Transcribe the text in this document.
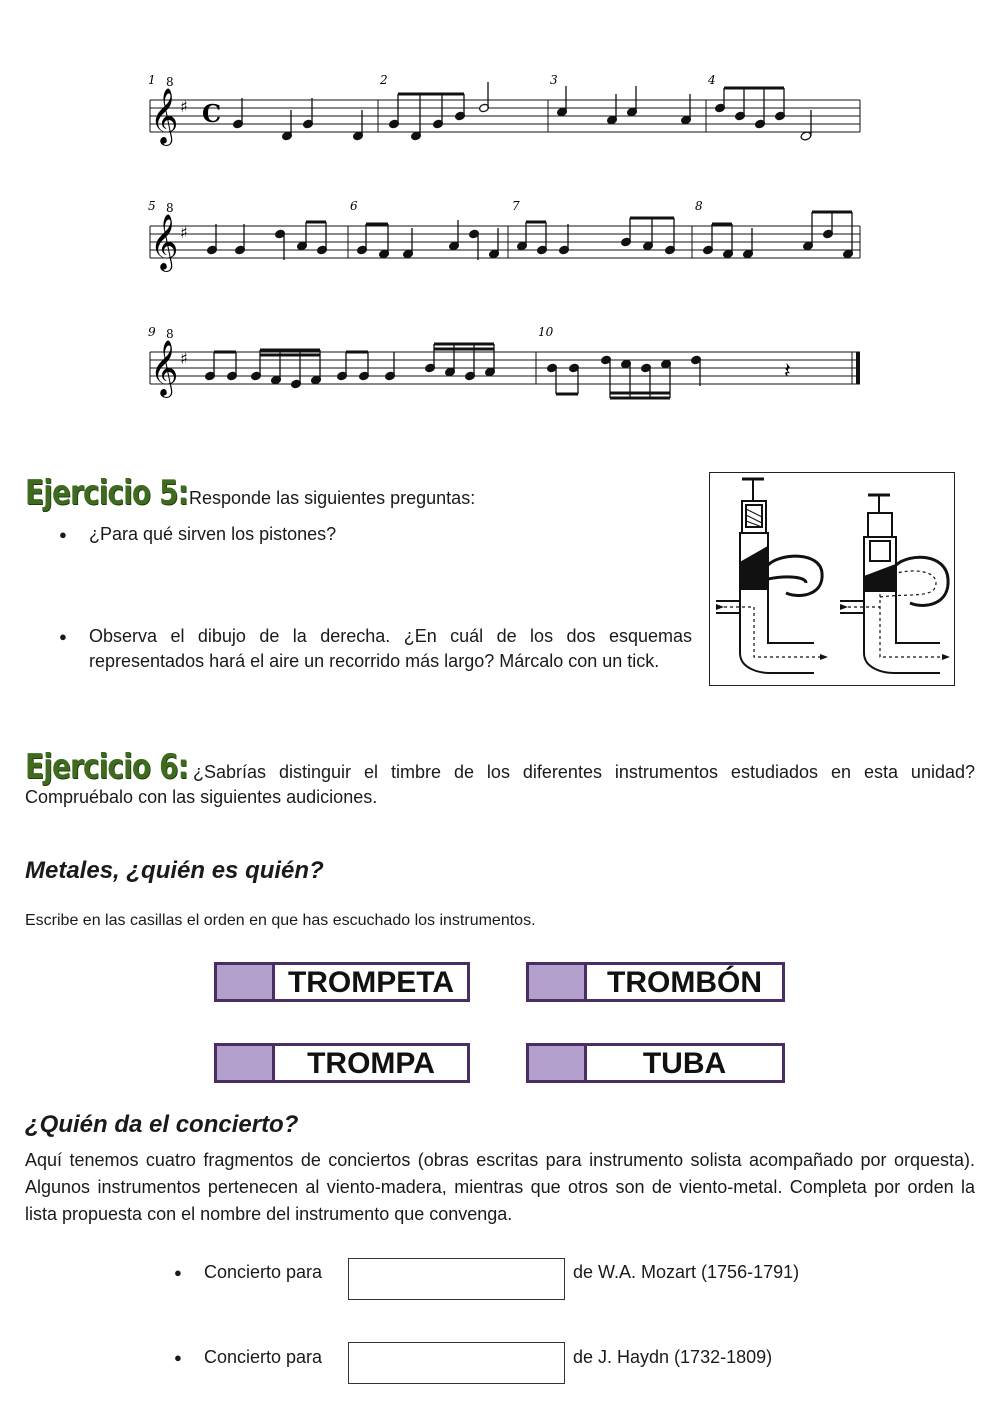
𝄞
1 8
♯ C
2	3	4
𝄞
5 8
♯
6	7	8
𝄞
9 8
♯
10
𝄽
Ejercicio 5: Responde las siguientes preguntas:
● ¿Para qué sirven los pistones?
● Observa el dibujo de la derecha. ¿En cuál de los dos esquemas representados hará el aire un recorrido más largo? Márcalo con un tick.
Ejercicio 6: ¿Sabrías distinguir el timbre de los diferentes instrumentos estudiados en esta unidad? Compruébalo con las siguientes audiciones.
Metales, ¿quién es quién?
Escribe en las casillas el orden en que has escuchado los instrumentos.
TROMPETA	TROMBÓN
TROMPA	TUBA
¿Quién da el concierto?
Aquí tenemos cuatro fragmentos de conciertos (obras escritas para instrumento solista acompañado por orquesta). Algunos instrumentos pertenecen al viento-madera, mientras que otros son de viento-metal. Completa por orden la lista propuesta con el nombre del instrumento que convenga.
● Concierto para	de W.A. Mozart (1756-1791)
● Concierto para	de J. Haydn (1732-1809)
